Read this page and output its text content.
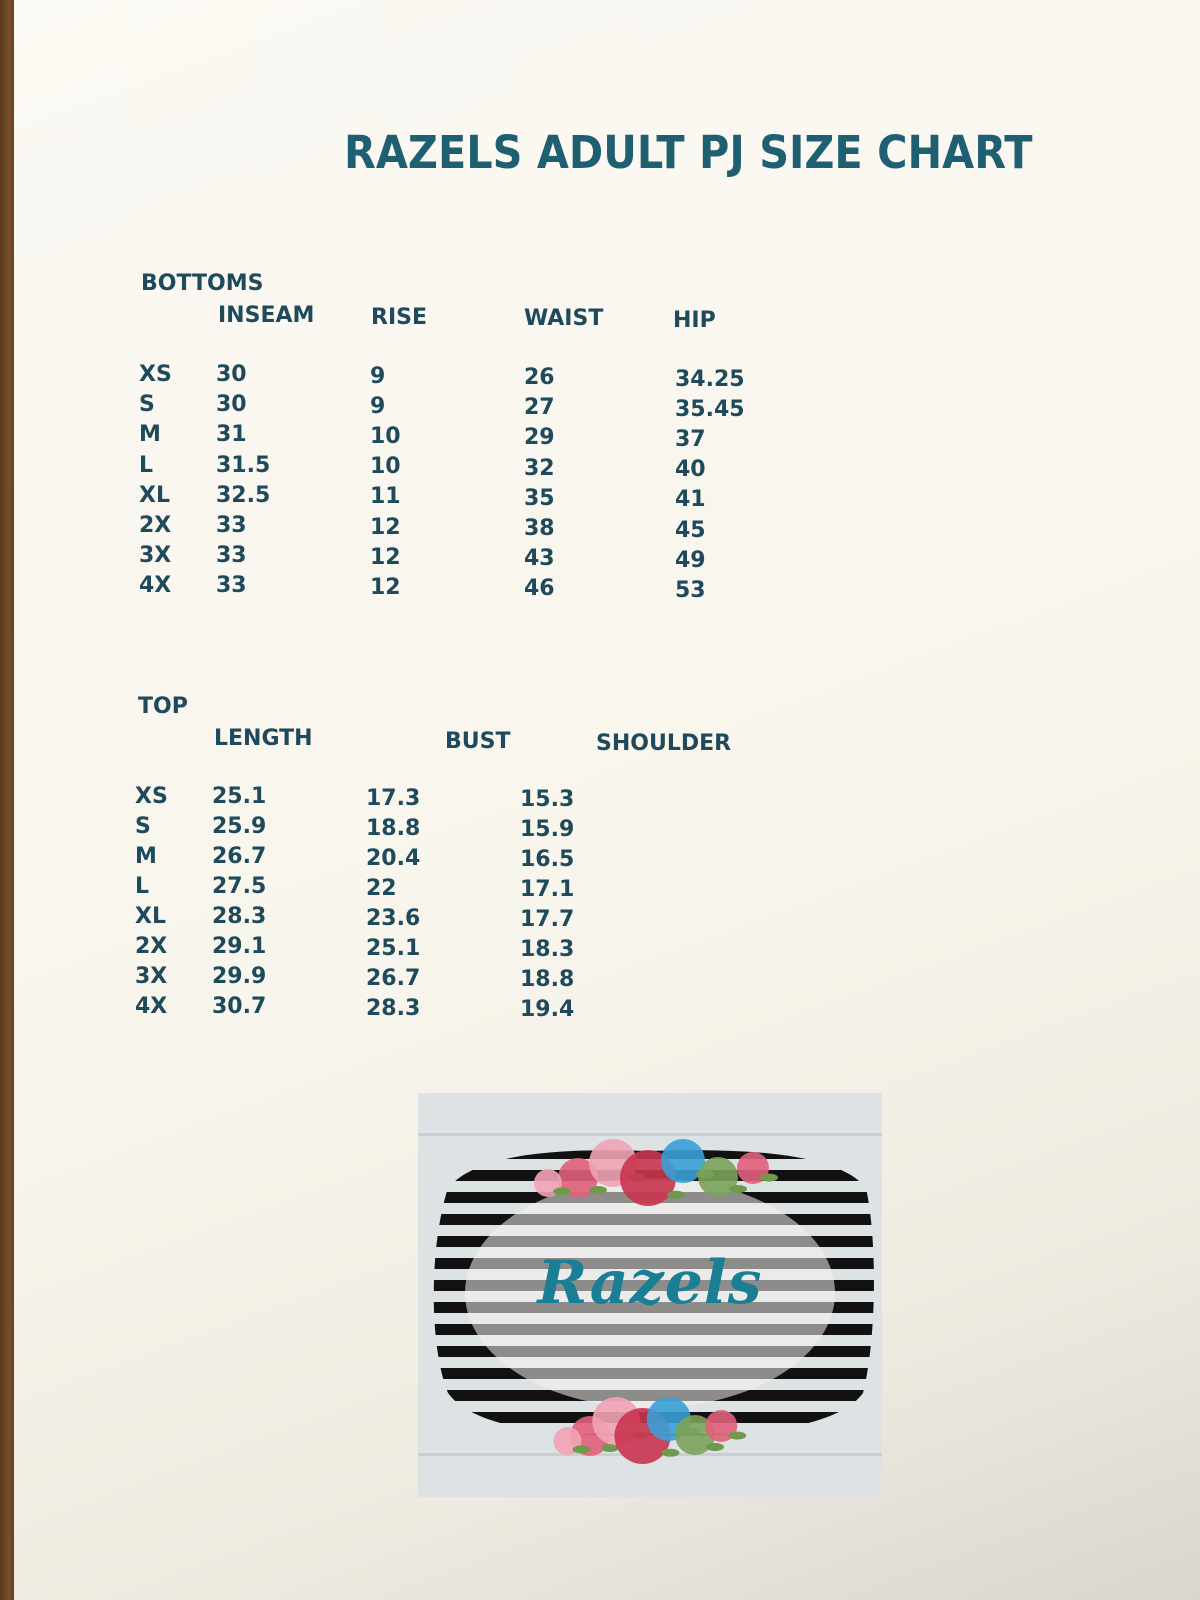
RAZELS ADULT PJ SIZE CHART
BOTTOMS
INSEAM	RISE	WAIST	HIP
XS 30	9	26	34.25
S	30	9	27	35.45
M	31	10	29	37
L	31.5	10	32	40
XL 32.5	11	35	41
2X 33	12	38	45
3X 33	12	43	49
4X 33	12	46	53
TOP
LENGTH	BUST	SHOULDER
XS 25.1	17.3	15.3
S	25.9	18.8	15.9
M	26.7	20.4	16.5
L	27.5	22	17.1
XL 28.3	23.6	17.7
2X 29.1	25.1	18.3
3X 29.9	26.7	18.8
4X 30.7	28.3	19.4
Razels
